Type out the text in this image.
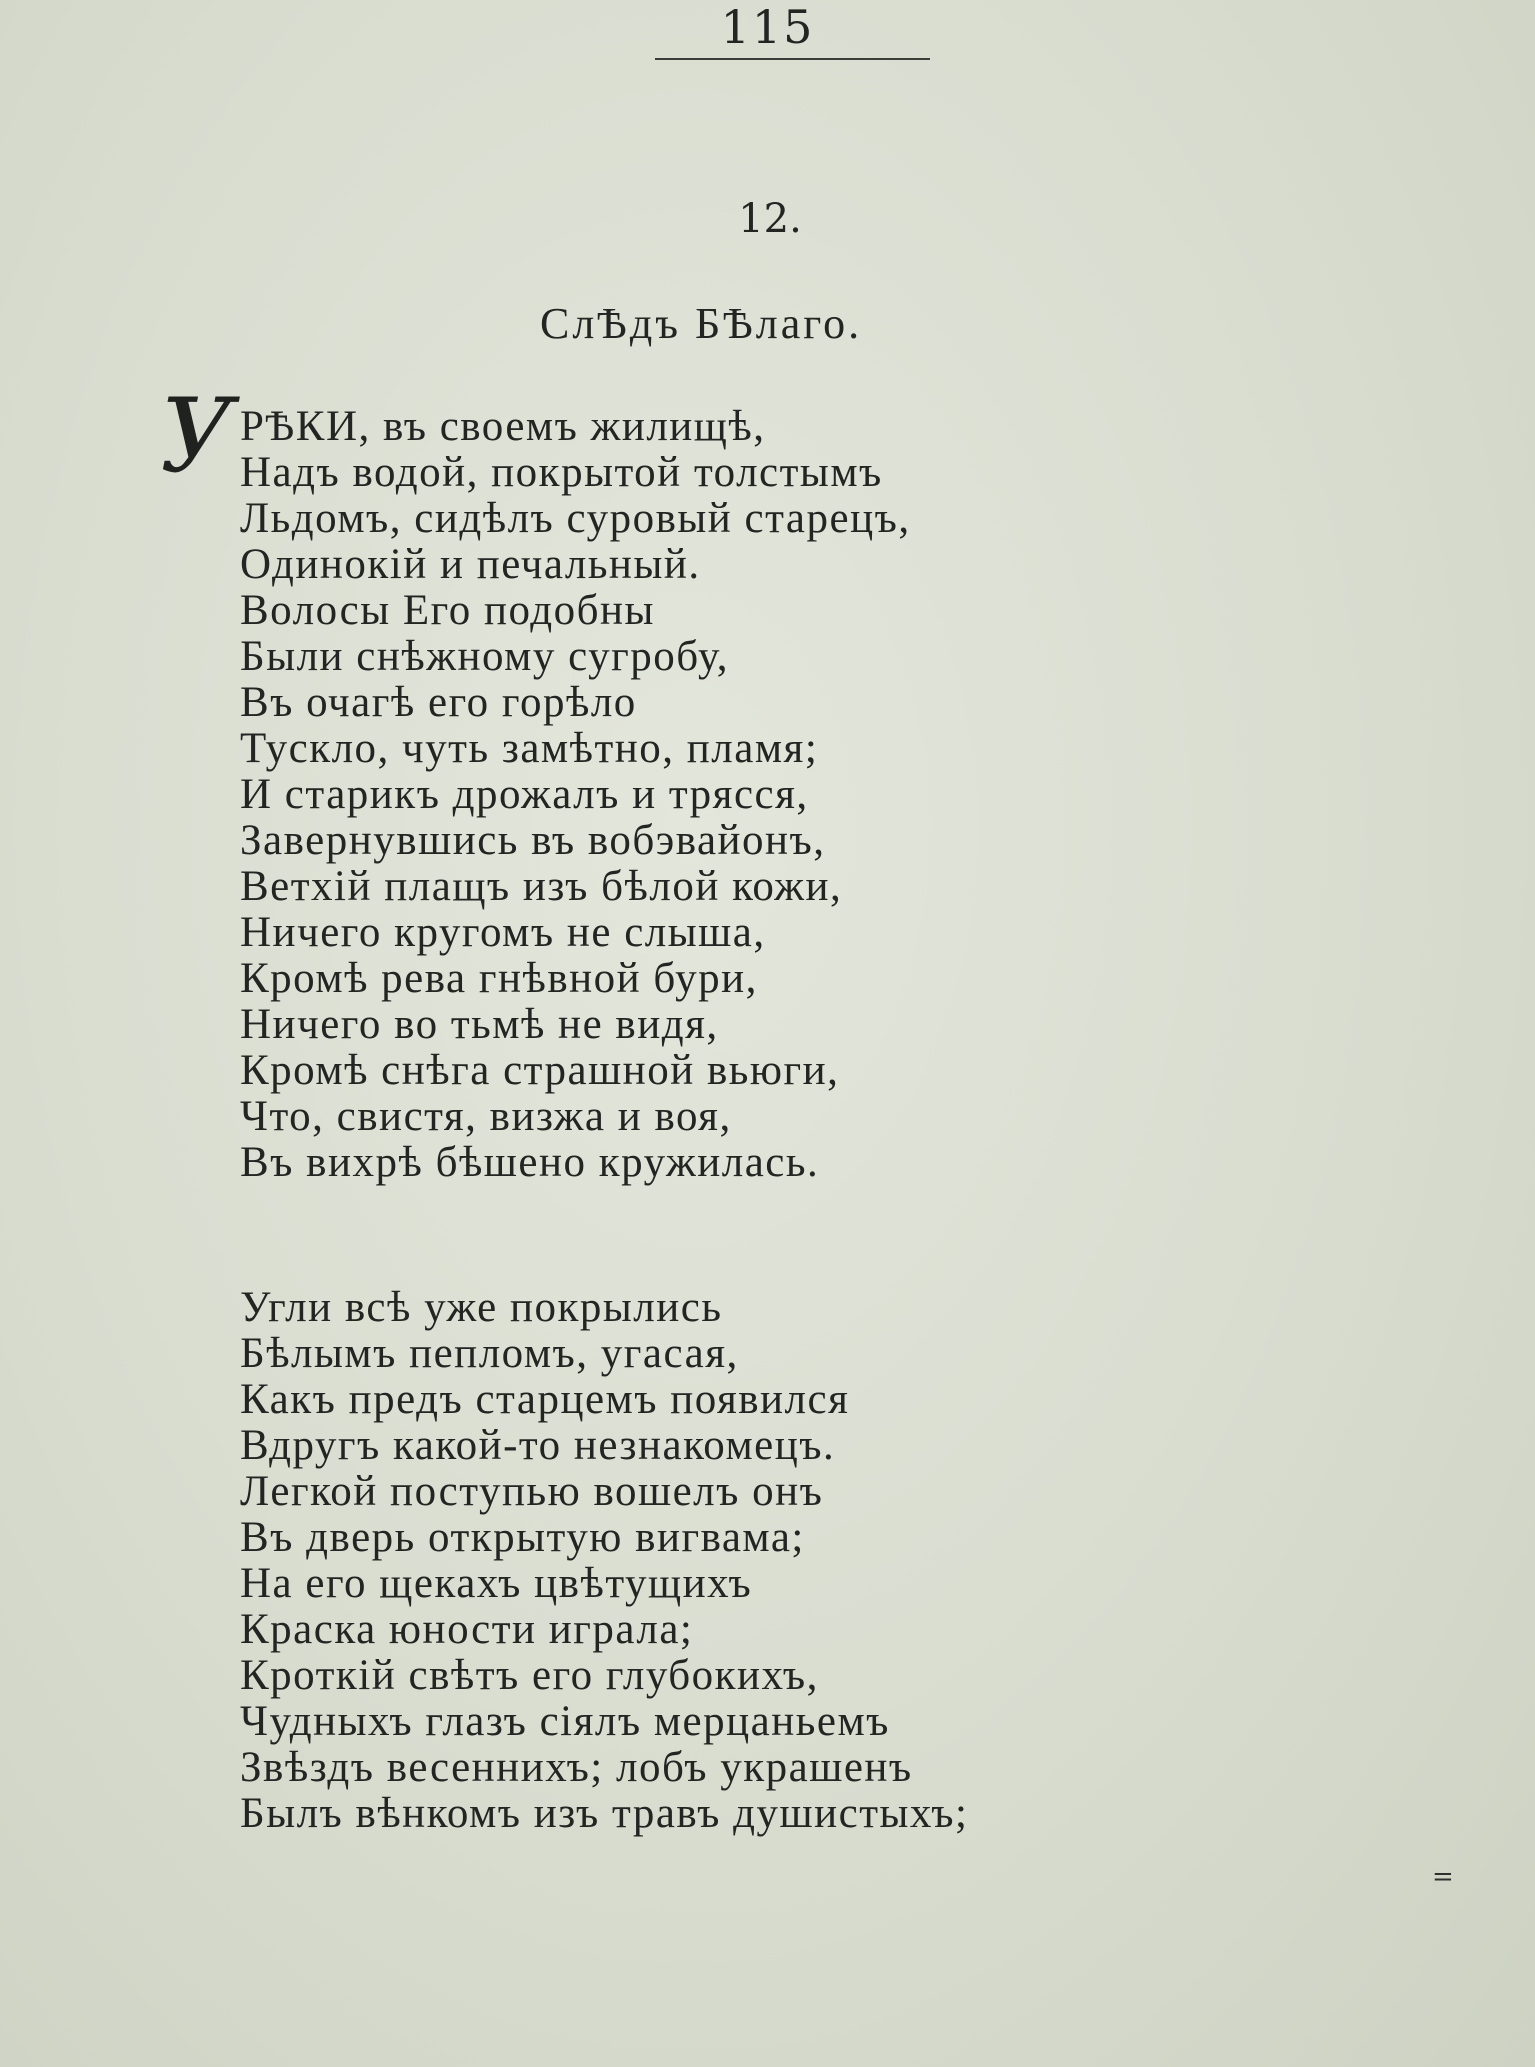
115
12.
СлѢдъ БѢлаго.
У РѢКИ, въ своемъ жилищѣ,
Надъ водой, покрытой толстымъ
Льдомъ, сидѣлъ суровый старецъ,
Одинокій и печальный.
Волосы Его подобны
Были снѣжному сугробу,
Въ очагѣ его горѣло
Тускло, чуть замѣтно, пламя;
И старикъ дрожалъ и трясся,
Завернувшись въ вобэвайонъ,
Ветхій плащъ изъ бѣлой кожи,
Ничего кругомъ не слыша,
Кромѣ рева гнѣвной бури,
Ничего во тьмѣ не видя,
Кромѣ снѣга страшной вьюги,
Что, свистя, визжа и воя,
Въ вихрѣ бѣшено кружилась.
Угли всѣ уже покрылись
Бѣлымъ пепломъ, угасая,
Какъ предъ старцемъ появился
Вдругъ какой-то незнакомецъ.
Легкой поступью вошелъ онъ
Въ дверь открытую вигвама;
На его щекахъ цвѣтущихъ
Краска юности играла;
Кроткій свѣтъ его глубокихъ,
Чудныхъ глазъ сіялъ мерцаньемъ
Звѣздъ весеннихъ; лобъ украшенъ
Былъ вѣнкомъ изъ травъ душистыхъ;
=
